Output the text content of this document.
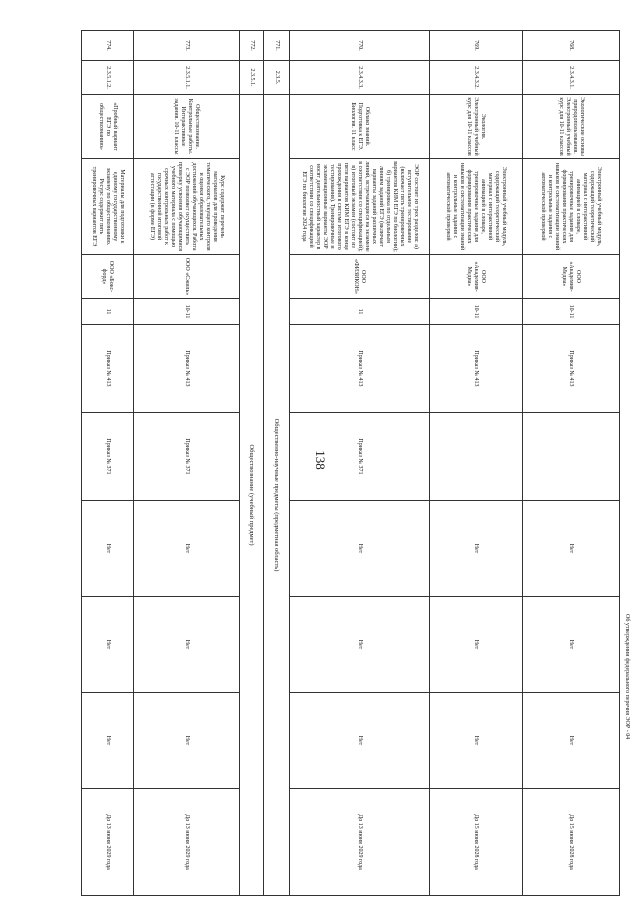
138
768.	2.3.4.3.1.	Экологические основы природопользования. Электронный учебный курс для 10-11 классов	Электронный учебный модуль, содержащий теоретический материал с интерактивной анимацией в словаре, тренировочные задания для формирования практических навыков и систематизации знаний и контрольные задания с автоматической проверкой	ООО «Академия-Медиа»	10-11	Приказ № 413		Нет	Нет	Нет	До 15 июня 2028 года
769.	2.3.4.3.2.	Экология. Электронный учебный курс для 10-11 классов	Электронный учебный модуль, содержащий теоретический материал с интерактивной анимацией в словаре, тренировочные задания для формирования практических навыков и систематизации знаний и контрольные задания с автоматической проверкой	ООО «Академия-Медиа»	10-11	Приказ № 413		Нет	Нет	Нет	До 15 июня 2028 года
770.	2.3.4.3.3.	Облако знаний. Подготовка к ЕГЭ. Биология. 11 класс	ЭОР состоит из трех разделов: а) вступительное тестирование (включает пять тренировочных вариантов КИМ ЕГЭ по биологии); б) тренировка по отдельным линиям заданий ЕГЭ (включает варианты заданий различных линий, встречающиеся на экзамене в соответствии со спецификацией); в) итоговый экзамен (состоит из пяти вариантов КИМ ЕГЭ в конце прохождения в системе итогового тестирования). Тренировочные и экзаменационные варианты ЭОР носят деятельностный характер в соответствии со спецификацией ЕГЭ по биологии 2024 года	ООО «ФИЗИКОН»	11	Приказ № 413	Приказ № 371	Нет	Нет	Нет	До 13 июня 2029 года
771.	2.3.5.	Общественно-научные предметы (предметная область)									
772.	2.3.5.1.	Обществознание (учебный предмет)									
773.	2.3.5.1.1.	Обществознание. Контрольные работы. Интерактивные задания. 10-11 классы	Курс содержит перечень материалов для проведения тематического, текущего контроля и оценки образовательных достижений обучающихся. Работа с ЭОР позволяет осуществить проверку усвоения обучающимися учебного материала с помощью срочных контрольных работ к государственной итоговой аттестации (в форме ЕГЭ)	ООО «Сжиль»	10-11	Приказ № 413	Приказ № 371	Нет	Нет	Нет	До 13 июня 2029 года
774.	2.3.5.1.2.	«Пробный вариант ЕГЭ по обществознанию»	Материалы для подготовки к единому государственному экзамену по обществознанию. Ресурс содержит пять тренировочных вариантов ЕГЭ	ООО «Бокс-форд»	11	Приказ № 413	Приказ № 371	Нет	Нет	Нет	До 13 июня 2029 года
Об утверждении федерального перечня ЭОР - 04
